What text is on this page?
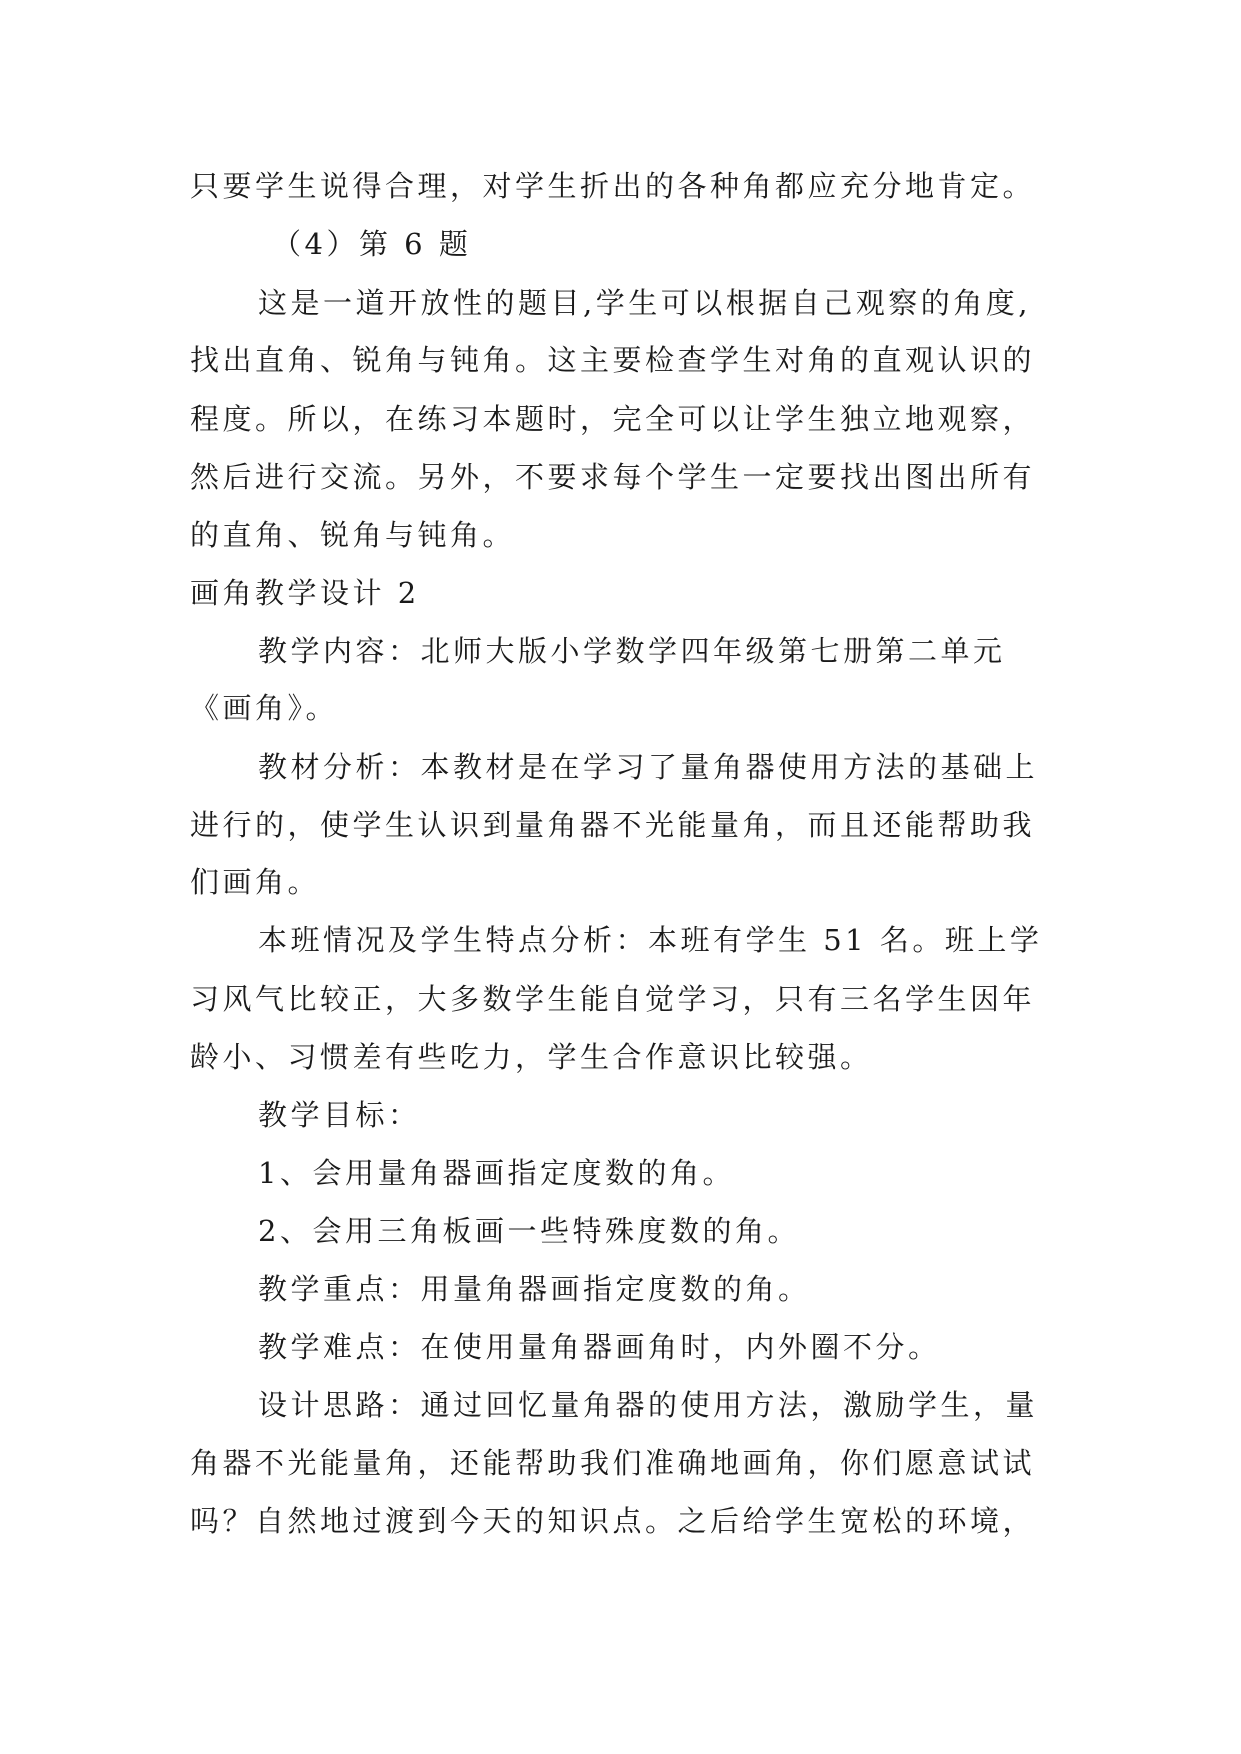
只要学生说得合理，对学生折出的各种角都应充分地肯定。
（4）第 6 题
这是一道开放性的题目,学生可以根据自己观察的角度,
找出直角、锐角与钝角。这主要检查学生对角的直观认识的
程度。所以，在练习本题时，完全可以让学生独立地观察，
然后进行交流。另外，不要求每个学生一定要找出图出所有
的直角、锐角与钝角。
画角教学设计 2
教学内容：北师大版小学数学四年级第七册第二单元
《画角》。
教材分析：本教材是在学习了量角器使用方法的基础上
进行的，使学生认识到量角器不光能量角，而且还能帮助我
们画角。
本班情况及学生特点分析：本班有学生 51 名。班上学
习风气比较正，大多数学生能自觉学习，只有三名学生因年
龄小、习惯差有些吃力，学生合作意识比较强。
教学目标：
1、会用量角器画指定度数的角。
2、会用三角板画一些特殊度数的角。
教学重点：用量角器画指定度数的角。
教学难点：在使用量角器画角时，内外圈不分。
设计思路：通过回忆量角器的使用方法，激励学生，量
角器不光能量角，还能帮助我们准确地画角，你们愿意试试
吗？自然地过渡到今天的知识点。之后给学生宽松的环境，
